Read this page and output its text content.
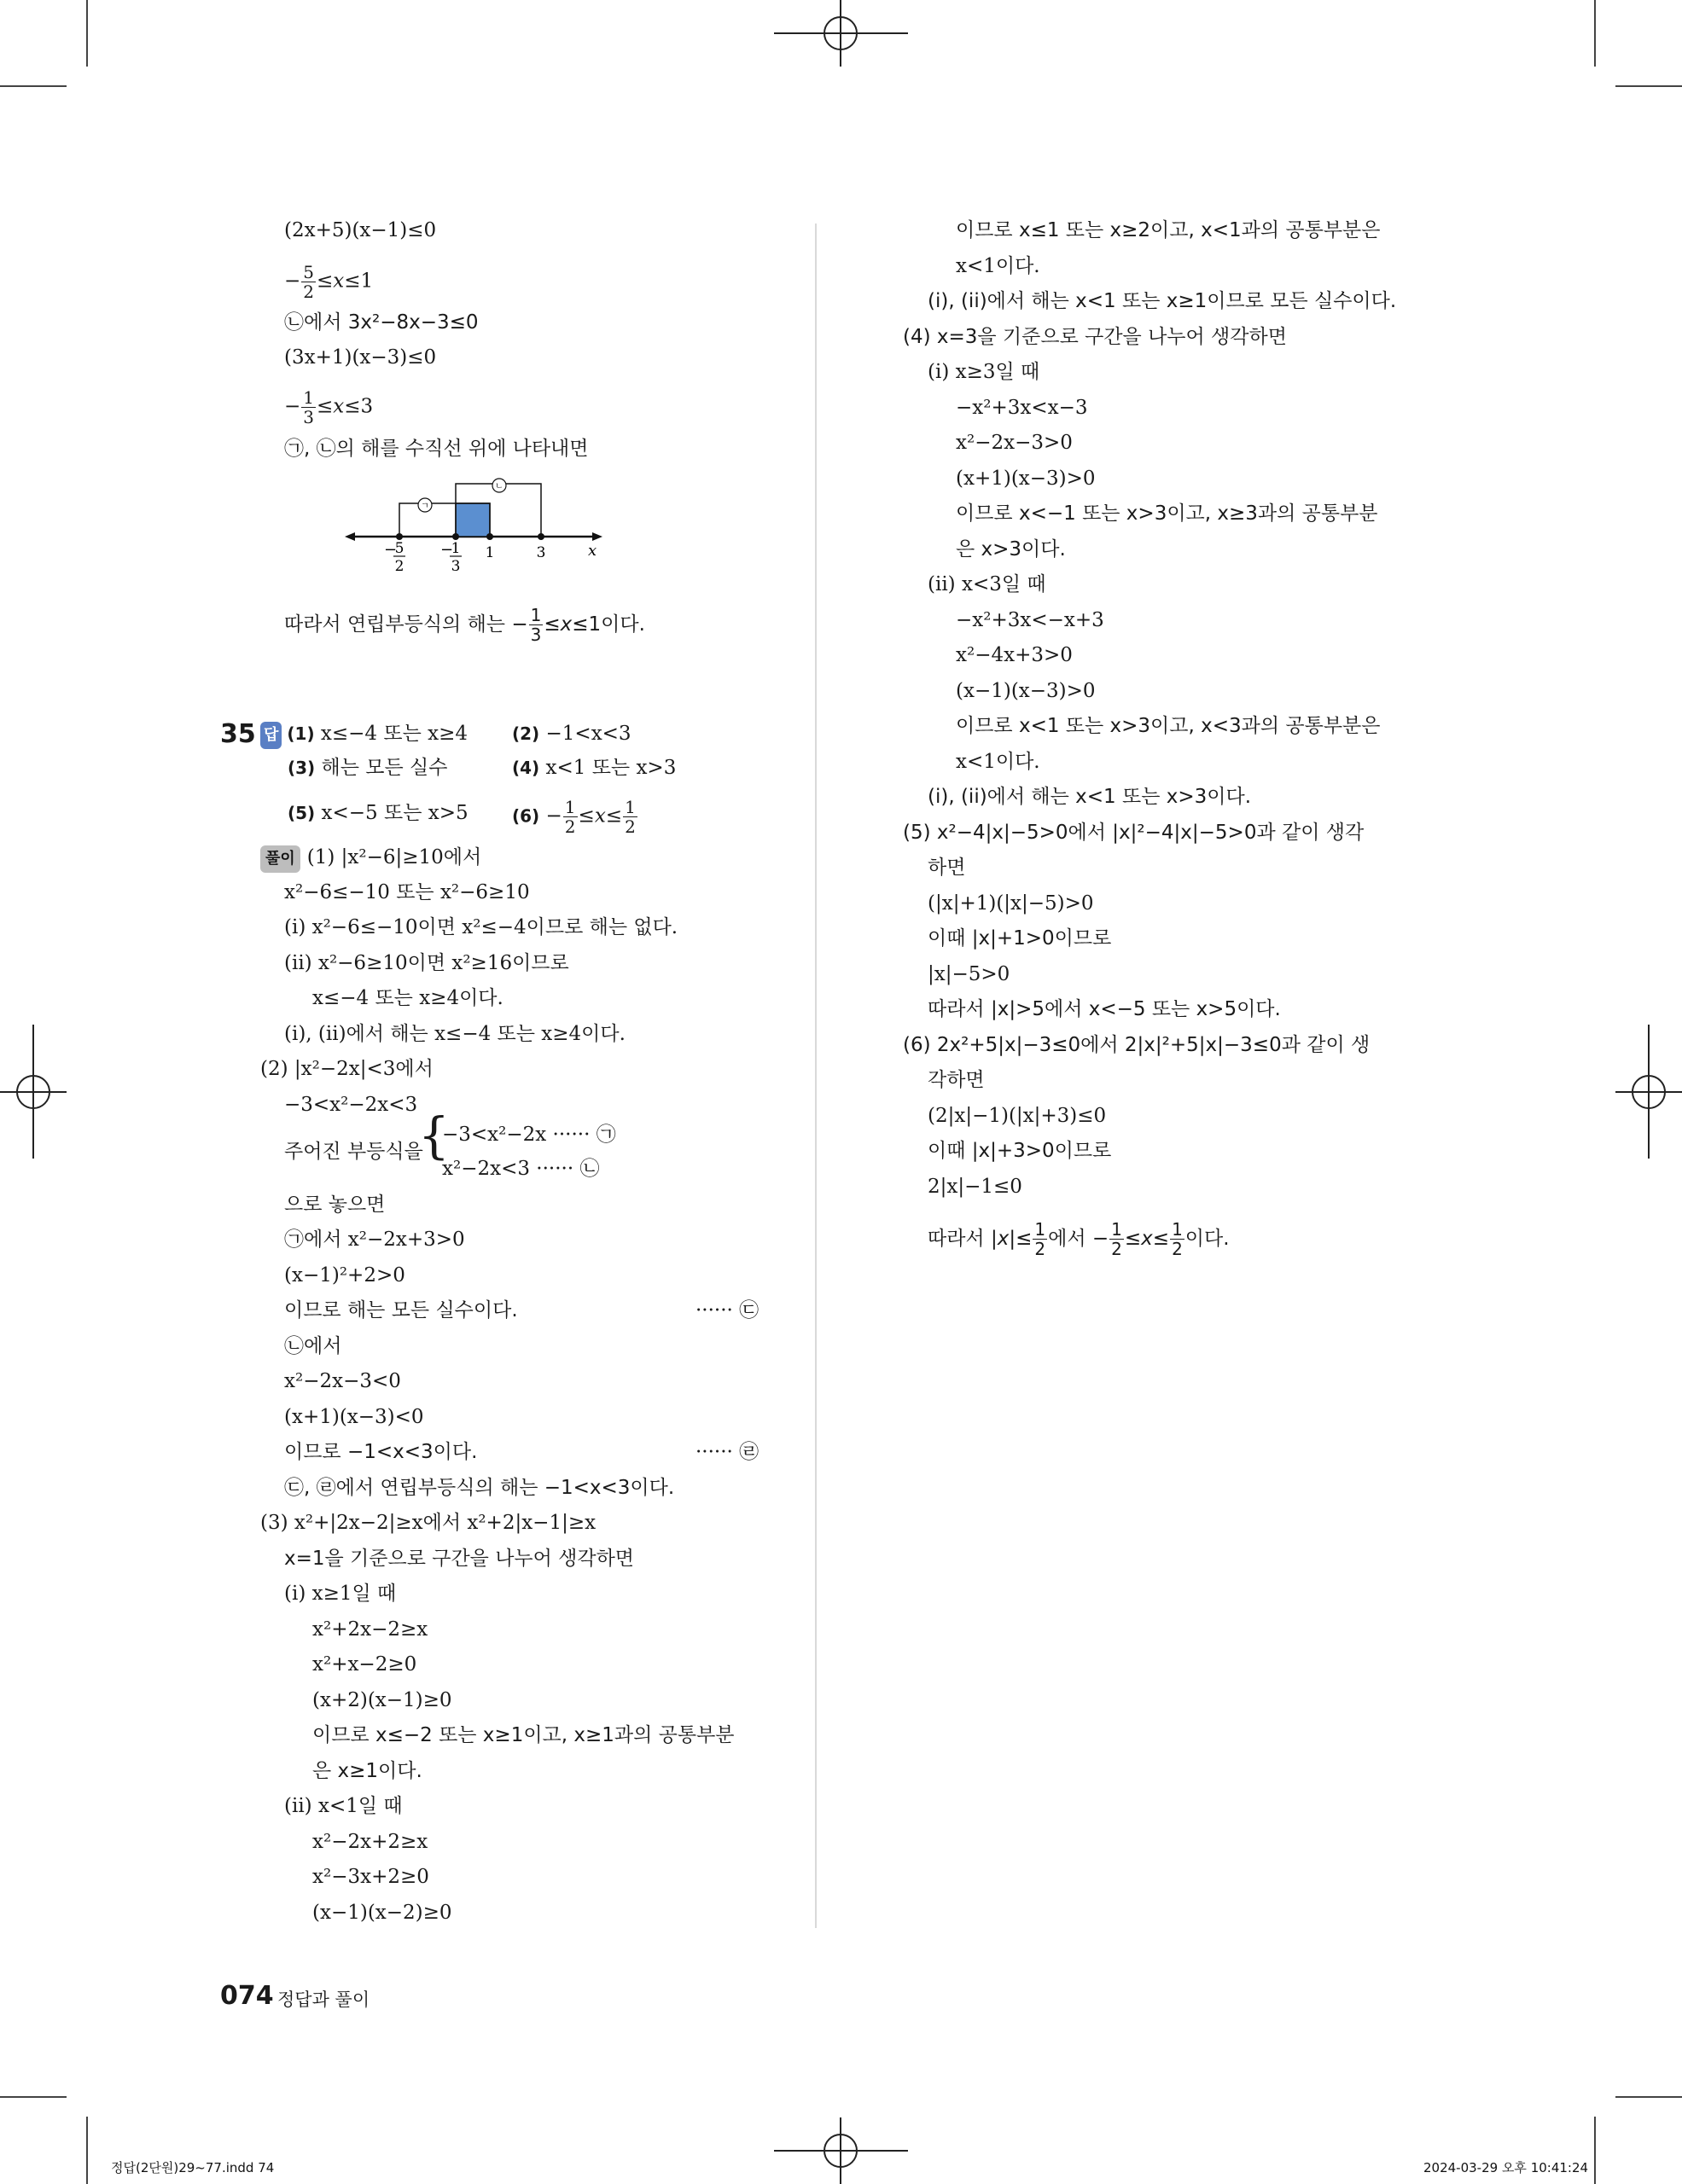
(2x+5)(x−1)≤0
− $\frac{5}{2} \le x\le 1$
㉡에서 3x²−8x−3≤0
(3x+1)(x−3)≤0
− $\frac{1}{3} \le x\le 3$
㉠, ㉡의 해를 수직선 위에 나타내면
ㄱ
ㄴ
−
5
2
−
1
3
1	3	x
따라서 연립부등식의 해는 − $\frac{1}{3} \le x\le 1$이다.
35 답 (1) x≤−4 또는 x≥4	(2) −1<x<3
(3) 해는 모든 실수	(4) x<1 또는 x>3
(5) x<−5 또는 x>5	$(6) - \frac{1}{2} \le x\le \frac{1}{2}$
풀이 (1) |x²−6|≥10에서
x²−6≤−10 또는 x²−6≥10
(i) x²−6≤−10이면 x²≤−4이므로 해는 없다.
(ii) x²−6≥10이면 x²≥16이므로
x≤−4 또는 x≥4이다.
(i), (ii)에서 해는 x≤−4 또는 x≥4이다.
(2) |x²−2x|<3에서
−3<x²−2x<3
주어진 부등식을
{
−3<x²−2x ······ ㉠
x²−2x<3 ······ ㉡
으로 놓으면
㉠에서 x²−2x+3>0
(x−1)²+2>0
이므로 해는 모든 실수이다.	······ ㉢
㉡에서
x²−2x−3<0
(x+1)(x−3)<0
이므로 −1<x<3이다.	······ ㉣
㉢, ㉣에서 연립부등식의 해는 −1<x<3이다.
(3) x²+|2x−2|≥x에서 x²+2|x−1|≥x
x=1을 기준으로 구간을 나누어 생각하면
(i) x≥1일 때
x²+2x−2≥x
x²+x−2≥0
(x+2)(x−1)≥0
이므로 x≤−2 또는 x≥1이고, x≥1과의 공통부분
은 x≥1이다.
(ii) x<1일 때
x²−2x+2≥x
x²−3x+2≥0
(x−1)(x−2)≥0
이므로 x≤1 또는 x≥2이고, x<1과의 공통부분은
x<1이다.
(i), (ii)에서 해는 x<1 또는 x≥1이므로 모든 실수이다.
(4) x=3을 기준으로 구간을 나누어 생각하면
(i) x≥3일 때
−x²+3x<x−3
x²−2x−3>0
(x+1)(x−3)>0
이므로 x<−1 또는 x>3이고, x≥3과의 공통부분
은 x>3이다.
(ii) x<3일 때
−x²+3x<−x+3
x²−4x+3>0
(x−1)(x−3)>0
이므로 x<1 또는 x>3이고, x<3과의 공통부분은
x<1이다.
(i), (ii)에서 해는 x<1 또는 x>3이다.
(5) x²−4|x|−5>0에서 |x|²−4|x|−5>0과 같이 생각
하면
(|x|+1)(|x|−5)>0
이때 |x|+1>0이므로
|x|−5>0
따라서 |x|>5에서 x<−5 또는 x>5이다.
(6) 2x²+5|x|−3≤0에서 2|x|²+5|x|−3≤0과 같이 생
각하면
(2|x|−1)(|x|+3)≤0
이때 |x|+3>0이므로
2|x|−1≤0
따라서 $|x|\le \frac{1}{2}$ 에서 − $\frac{1}{2} \le x\le \frac{1}{2}$ 이다.
074 정답과 풀이
정답(2단원)29~77.indd 74	2024-03-29 오후 10:41:24
